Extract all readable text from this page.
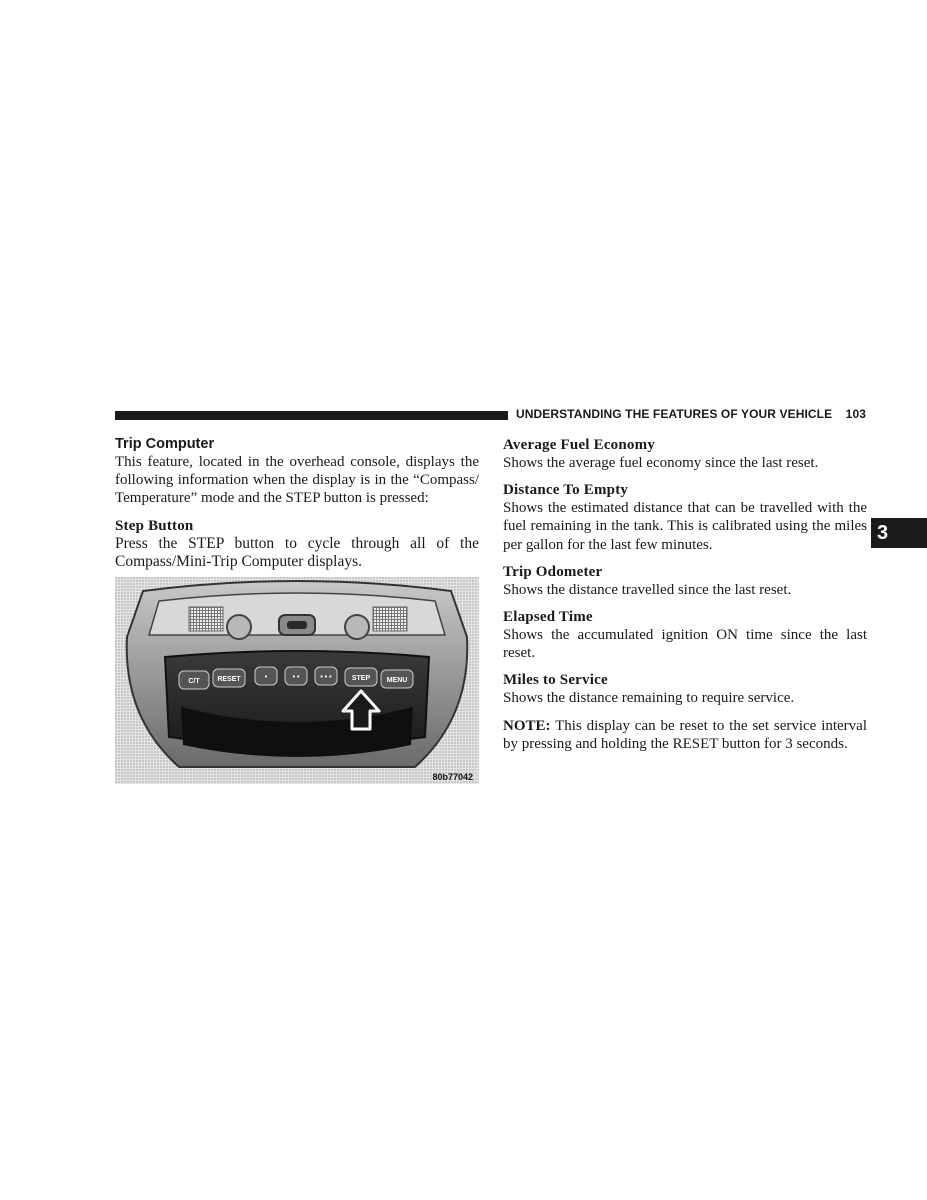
UNDERSTANDING THE FEATURES OF YOUR VEHICLE 103
3
Trip Computer

This feature, located in the overhead console, displays the following information when the display is in the “Compass/ Temperature” mode and the STEP button is pressed:

Step Button

Press the STEP button to cycle through all of the Compass/Mini-Trip Computer displays.

C/T	RESET	•	• •	• • •	STEP MENU
80b77042
Average Fuel Economy

Shows the average fuel economy since the last reset.

Distance To Empty

Shows the estimated distance that can be travelled with the fuel remaining in the tank. This is calibrated using the miles per gallon for the last few minutes.

Trip Odometer

Shows the distance travelled since the last reset.

Elapsed Time

Shows the accumulated ignition ON time since the last reset.

Miles to Service

Shows the distance remaining to require service.

NOTE: This display can be reset to the set service interval by pressing and holding the RESET button for 3 seconds.
